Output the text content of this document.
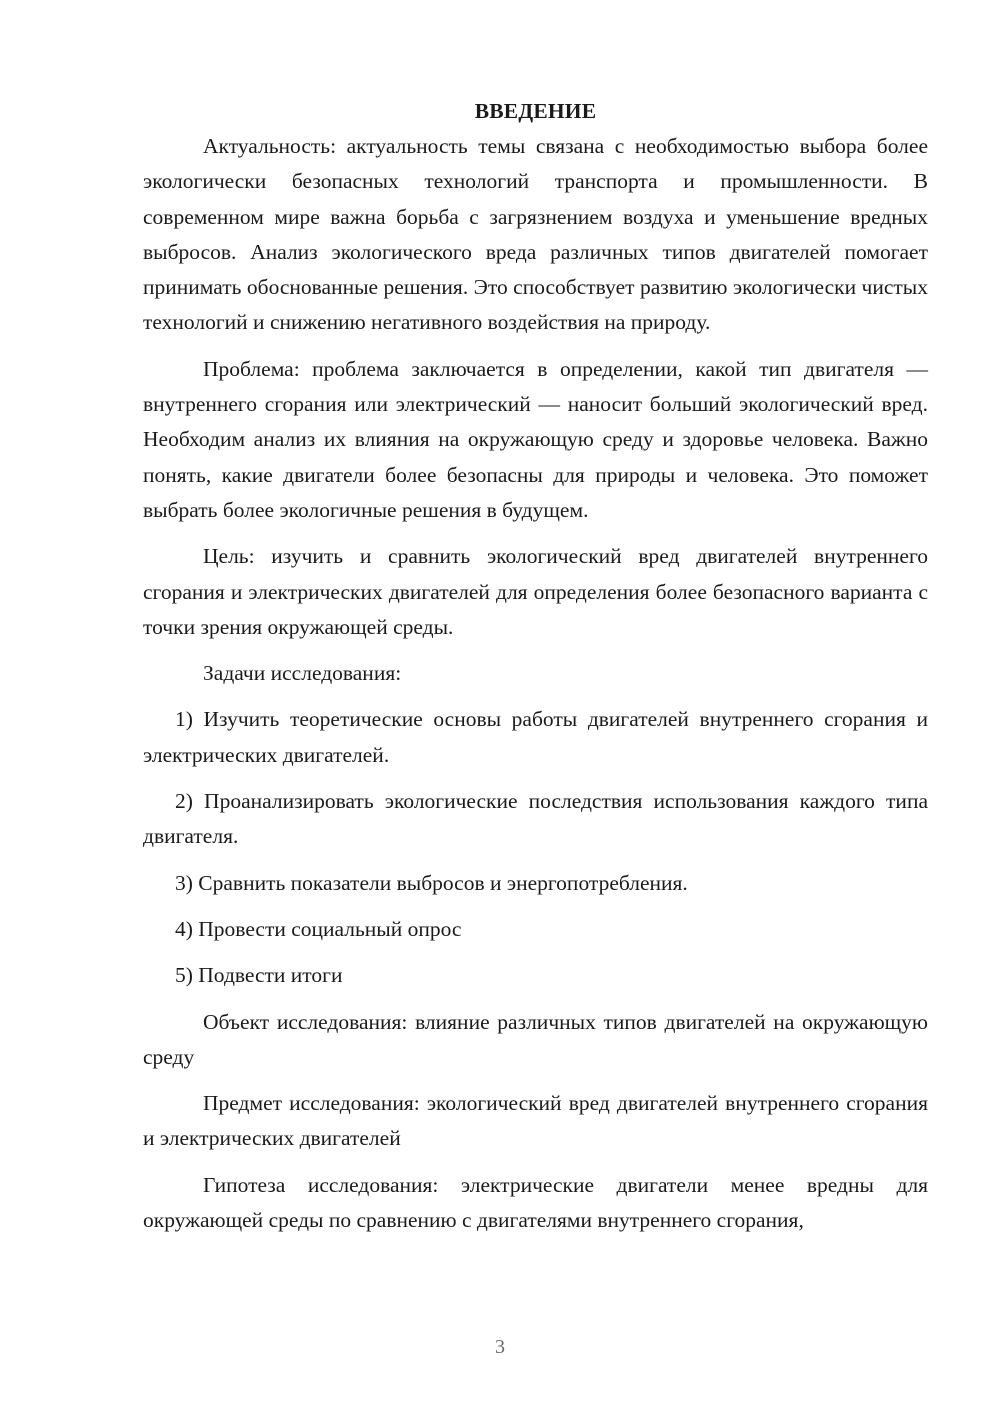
ВВЕДЕНИЕ

Актуальность: актуальность темы связана с необходимостью выбора более экологически безопасных технологий транспорта и промышленности. В современном мире важна борьба с загрязнением воздуха и уменьшение вредных выбросов. Анализ экологического вреда различных типов двигателей помогает принимать обоснованные решения. Это способствует развитию экологически чистых технологий и снижению негативного воздействия на природу.

Проблема: проблема заключается в определении, какой тип двигателя — внутреннего сгорания или электрический — наносит больший экологический вред. Необходим анализ их влияния на окружающую среду и здоровье человека. Важно понять, какие двигатели более безопасны для природы и человека. Это поможет выбрать более экологичные решения в будущем.

Цель: изучить и сравнить экологический вред двигателей внутреннего сгорания и электрических двигателей для определения более безопасного варианта с точки зрения окружающей среды.

Задачи исследования:

1) Изучить теоретические основы работы двигателей внутреннего сгорания и электрических двигателей.

2) Проанализировать экологические последствия использования каждого типа двигателя.

3) Сравнить показатели выбросов и энергопотребления.

4) Провести социальный опрос

5) Подвести итоги

Объект исследования: влияние различных типов двигателей на окружающую среду

Предмет исследования: экологический вред двигателей внутреннего сгорания и электрических двигателей

Гипотеза исследования: электрические двигатели менее вредны для окружающей среды по сравнению с двигателями внутреннего сгорания,

3
